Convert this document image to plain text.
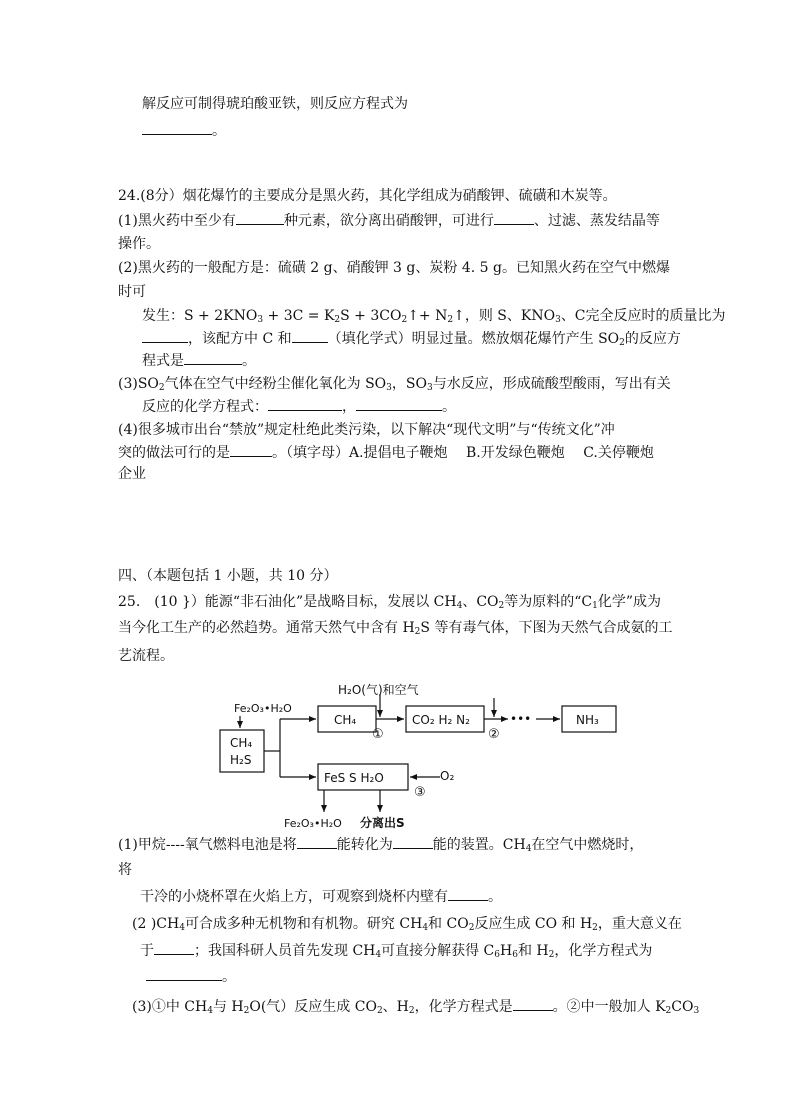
解反应可制得琥珀酸亚铁，则反应方程式为
。
24.(8分）烟花爆竹的主要成分是黑火药，其化学组成为硝酸钾、硫磺和木炭等。
(1)黑火药中至少有	种元素，欲分离出硝酸钾，可进行	、过滤、蒸发结晶等
操作。
(2)黑火药的一般配方是：硫磺 2 g、硝酸钾 3 g、炭粉 4. 5 g。已知黑火药在空气中燃爆
时可
发生：$S + 2KNO_3 + 3C = K_2S$ + $3CO_2↑+$ $N_2↑$，则 S、$KNO_3$、C完全反应时的质量比为
，该配方中 C 和	（填化学式）明显过量。燃放烟花爆竹产生 $SO_2$的反应方
程式是	。
$(3)SO_2$气体在空气中经粉尘催化氧化为 $SO_3$，$SO_3$与水反应，形成硫酸型酸雨，写出有关
反应的化学方程式：	，	。
(4)很多城市出台“禁放”规定杜绝此类污染，以下解决“现代文明”与“传统文化”冲
突的做法可行的是	。（填字母）A.提倡电子鞭炮　 B.开发绿色鞭炮　 C.关停鞭炮
企业
四、（本题包括 1 小题，共 10 分）
25.　(10 }）能源“非石油化”是战略目标，发展以 $CH_4$、$CO_2$等为原料的“$C_1$化学”成为
当今化工生产的必然趋势。通常天然气中含有 $H_2S$ 等有毒气体，下图为天然气合成氨的工
艺流程。
H₂O(气)和空气
Fe₂O₃•H₂O
CH₄
H₂S
CH₄	CO₂ H₂ N₂	•••	NH₃
FeS S H₂O	O₂
①	②
③
Fe₂O₃•H₂O 分离出S
(1)甲烷----氧气燃料电池是将	能转化为	能的装置。$CH_4$在空气中燃烧时，
将
干冷的小烧杯罩在火焰上方，可观察到烧杯内壁有	。
(2 )$CH_4$可合成多种无机物和有机物。研究 $CH_4$和 $CO_2$反应生成 CO 和 $H_2$，重大意义在
于	；我国科研人员首先发现 $CH_4$可直接分解获得 $C_6H_6$和 $H_2$，化学方程式为
。
(3)①中 $CH_4$与 $H_2O$(气）反应生成 $CO_2$、$H_2$，化学方程式是	。②中一般加人 $K_2CO_3$
